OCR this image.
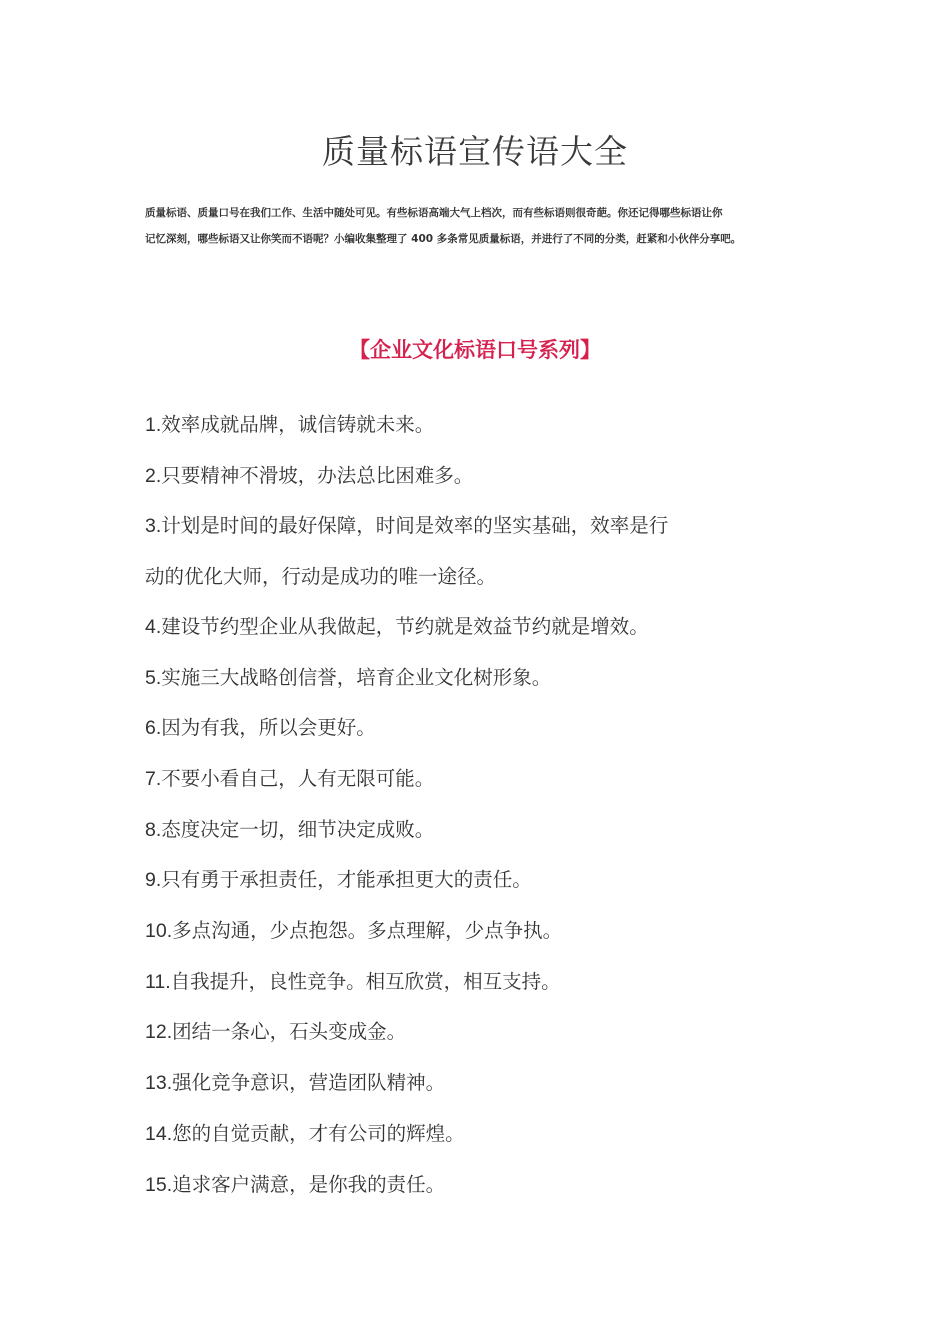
质量标语宣传语大全
质量标语、质量口号在我们工作、生活中随处可见。有些标语高端大气上档次，而有些标语则很奇葩。你还记得哪些标语让你
记忆深刻，哪些标语又让你笑而不语呢？小编收集整理了 400 多条常见质量标语，并进行了不同的分类，赶紧和小伙伴分享吧。
【企业文化标语口号系列】
1.效率成就品牌，诚信铸就未来。
2.只要精神不滑坡，办法总比困难多。
3.计划是时间的最好保障，时间是效率的坚实基础，效率是行
动的优化大师，行动是成功的唯一途径。
4.建设节约型企业从我做起，节约就是效益节约就是增效。
5.实施三大战略创信誉，培育企业文化树形象。
6.因为有我，所以会更好。
7.不要小看自己，人有无限可能。
8.态度决定一切，细节决定成败。
9.只有勇于承担责任，才能承担更大的责任。
10.多点沟通，少点抱怨。多点理解，少点争执。
11.自我提升，良性竞争。相互欣赏，相互支持。
12.团结一条心，石头变成金。
13.强化竞争意识，营造团队精神。
14.您的自觉贡献，才有公司的辉煌。
15.追求客户满意，是你我的责任。
